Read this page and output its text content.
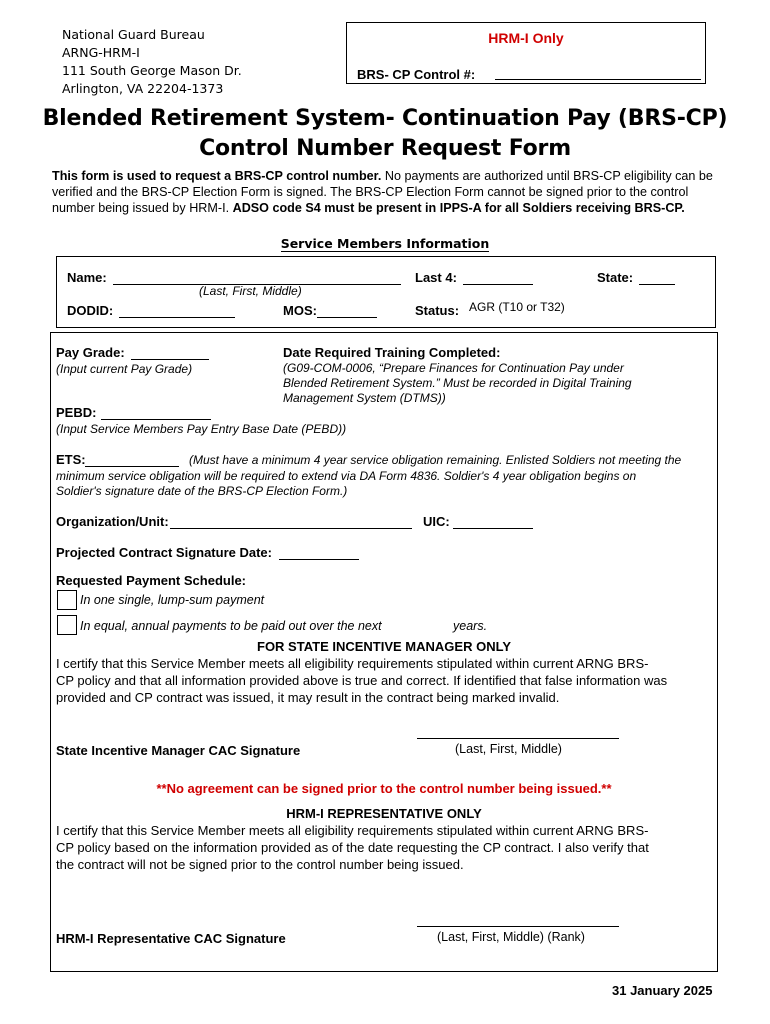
National Guard Bureau
ARNG-HRM-I
111 South George Mason Dr.
Arlington, VA 22204-1373
HRM-I Only
BRS- CP Control #:
Blended Retirement System- Continuation Pay (BRS-CP)
Control Number Request Form
This form is used to request a BRS-CP control number. No payments are authorized until BRS-CP eligibility can be verified and the BRS-CP Election Form is signed. The BRS-CP Election Form cannot be signed prior to the control number being issued by HRM-I. ADSO code S4 must be present in IPPS-A for all Soldiers receiving BRS-CP.
Service Members Information
Name:
(Last, First, Middle)
Last 4:	State:
DODID:	MOS:	Status: AGR (T10 or T32)
Pay Grade:
(Input current Pay Grade)
Date Required Training Completed:
(G09-COM-0006, “Prepare Finances for Continuation Pay under
Blended Retirement System.” Must be recorded in Digital Training
Management System (DTMS))
PEBD:
(Input Service Members Pay Entry Base Date (PEBD))
ETS:	(Must have a minimum 4 year service obligation remaining. Enlisted Soldiers not meeting the
minimum service obligation will be required to extend via DA Form 4836. Soldier's 4 year obligation begins on
Soldier's signature date of the BRS-CP Election Form.)
Organization/Unit:	UIC:
Projected Contract Signature Date:
Requested Payment Schedule:
In one single, lump-sum payment
In equal, annual payments to be paid out over the next	years.
FOR STATE INCENTIVE MANAGER ONLY
I certify that this Service Member meets all eligibility requirements stipulated within current ARNG BRS-
CP policy and that all information provided above is true and correct. If identified that false information was
provided and CP contract was issued, it may result in the contract being marked invalid.
(Last, First, Middle)
State Incentive Manager CAC Signature
**No agreement can be signed prior to the control number being issued.**
HRM-I REPRESENTATIVE ONLY
I certify that this Service Member meets all eligibility requirements stipulated within current ARNG BRS-
CP policy based on the information provided as of the date requesting the CP contract. I also verify that
the contract will not be signed prior to the control number being issued.
(Last, First, Middle) (Rank)
HRM-I Representative CAC Signature
31 January 2025
